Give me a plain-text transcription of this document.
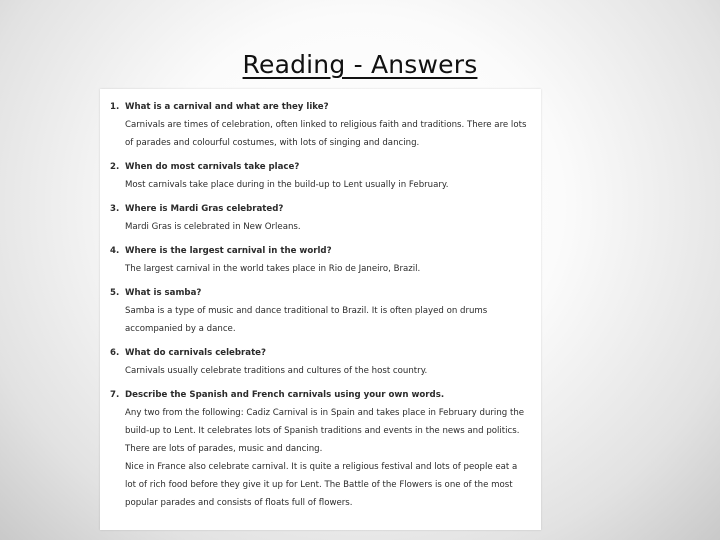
Reading - Answers
1. What is a carnival and what are they like?
Carnivals are times of celebration, often linked to religious faith and traditions. There are lots of parades and colourful costumes, with lots of singing and dancing.
2. When do most carnivals take place?
Most carnivals take place during in the build-up to Lent usually in February.
3. Where is Mardi Gras celebrated?
Mardi Gras is celebrated in New Orleans.
4. Where is the largest carnival in the world?
The largest carnival in the world takes place in Rio de Janeiro, Brazil.
5. What is samba?
Samba is a type of music and dance traditional to Brazil. It is often played on drums accompanied by a dance.
6. What do carnivals celebrate?
Carnivals usually celebrate traditions and cultures of the host country.
7. Describe the Spanish and French carnivals using your own words.
Any two from the following: Cadiz Carnival is in Spain and takes place in February during the build-up to Lent. It celebrates lots of Spanish traditions and events in the news and politics. There are lots of parades, music and dancing.
Nice in France also celebrate carnival. It is quite a religious festival and lots of people eat a lot of rich food before they give it up for Lent. The Battle of the Flowers is one of the most popular parades and consists of floats full of flowers.
